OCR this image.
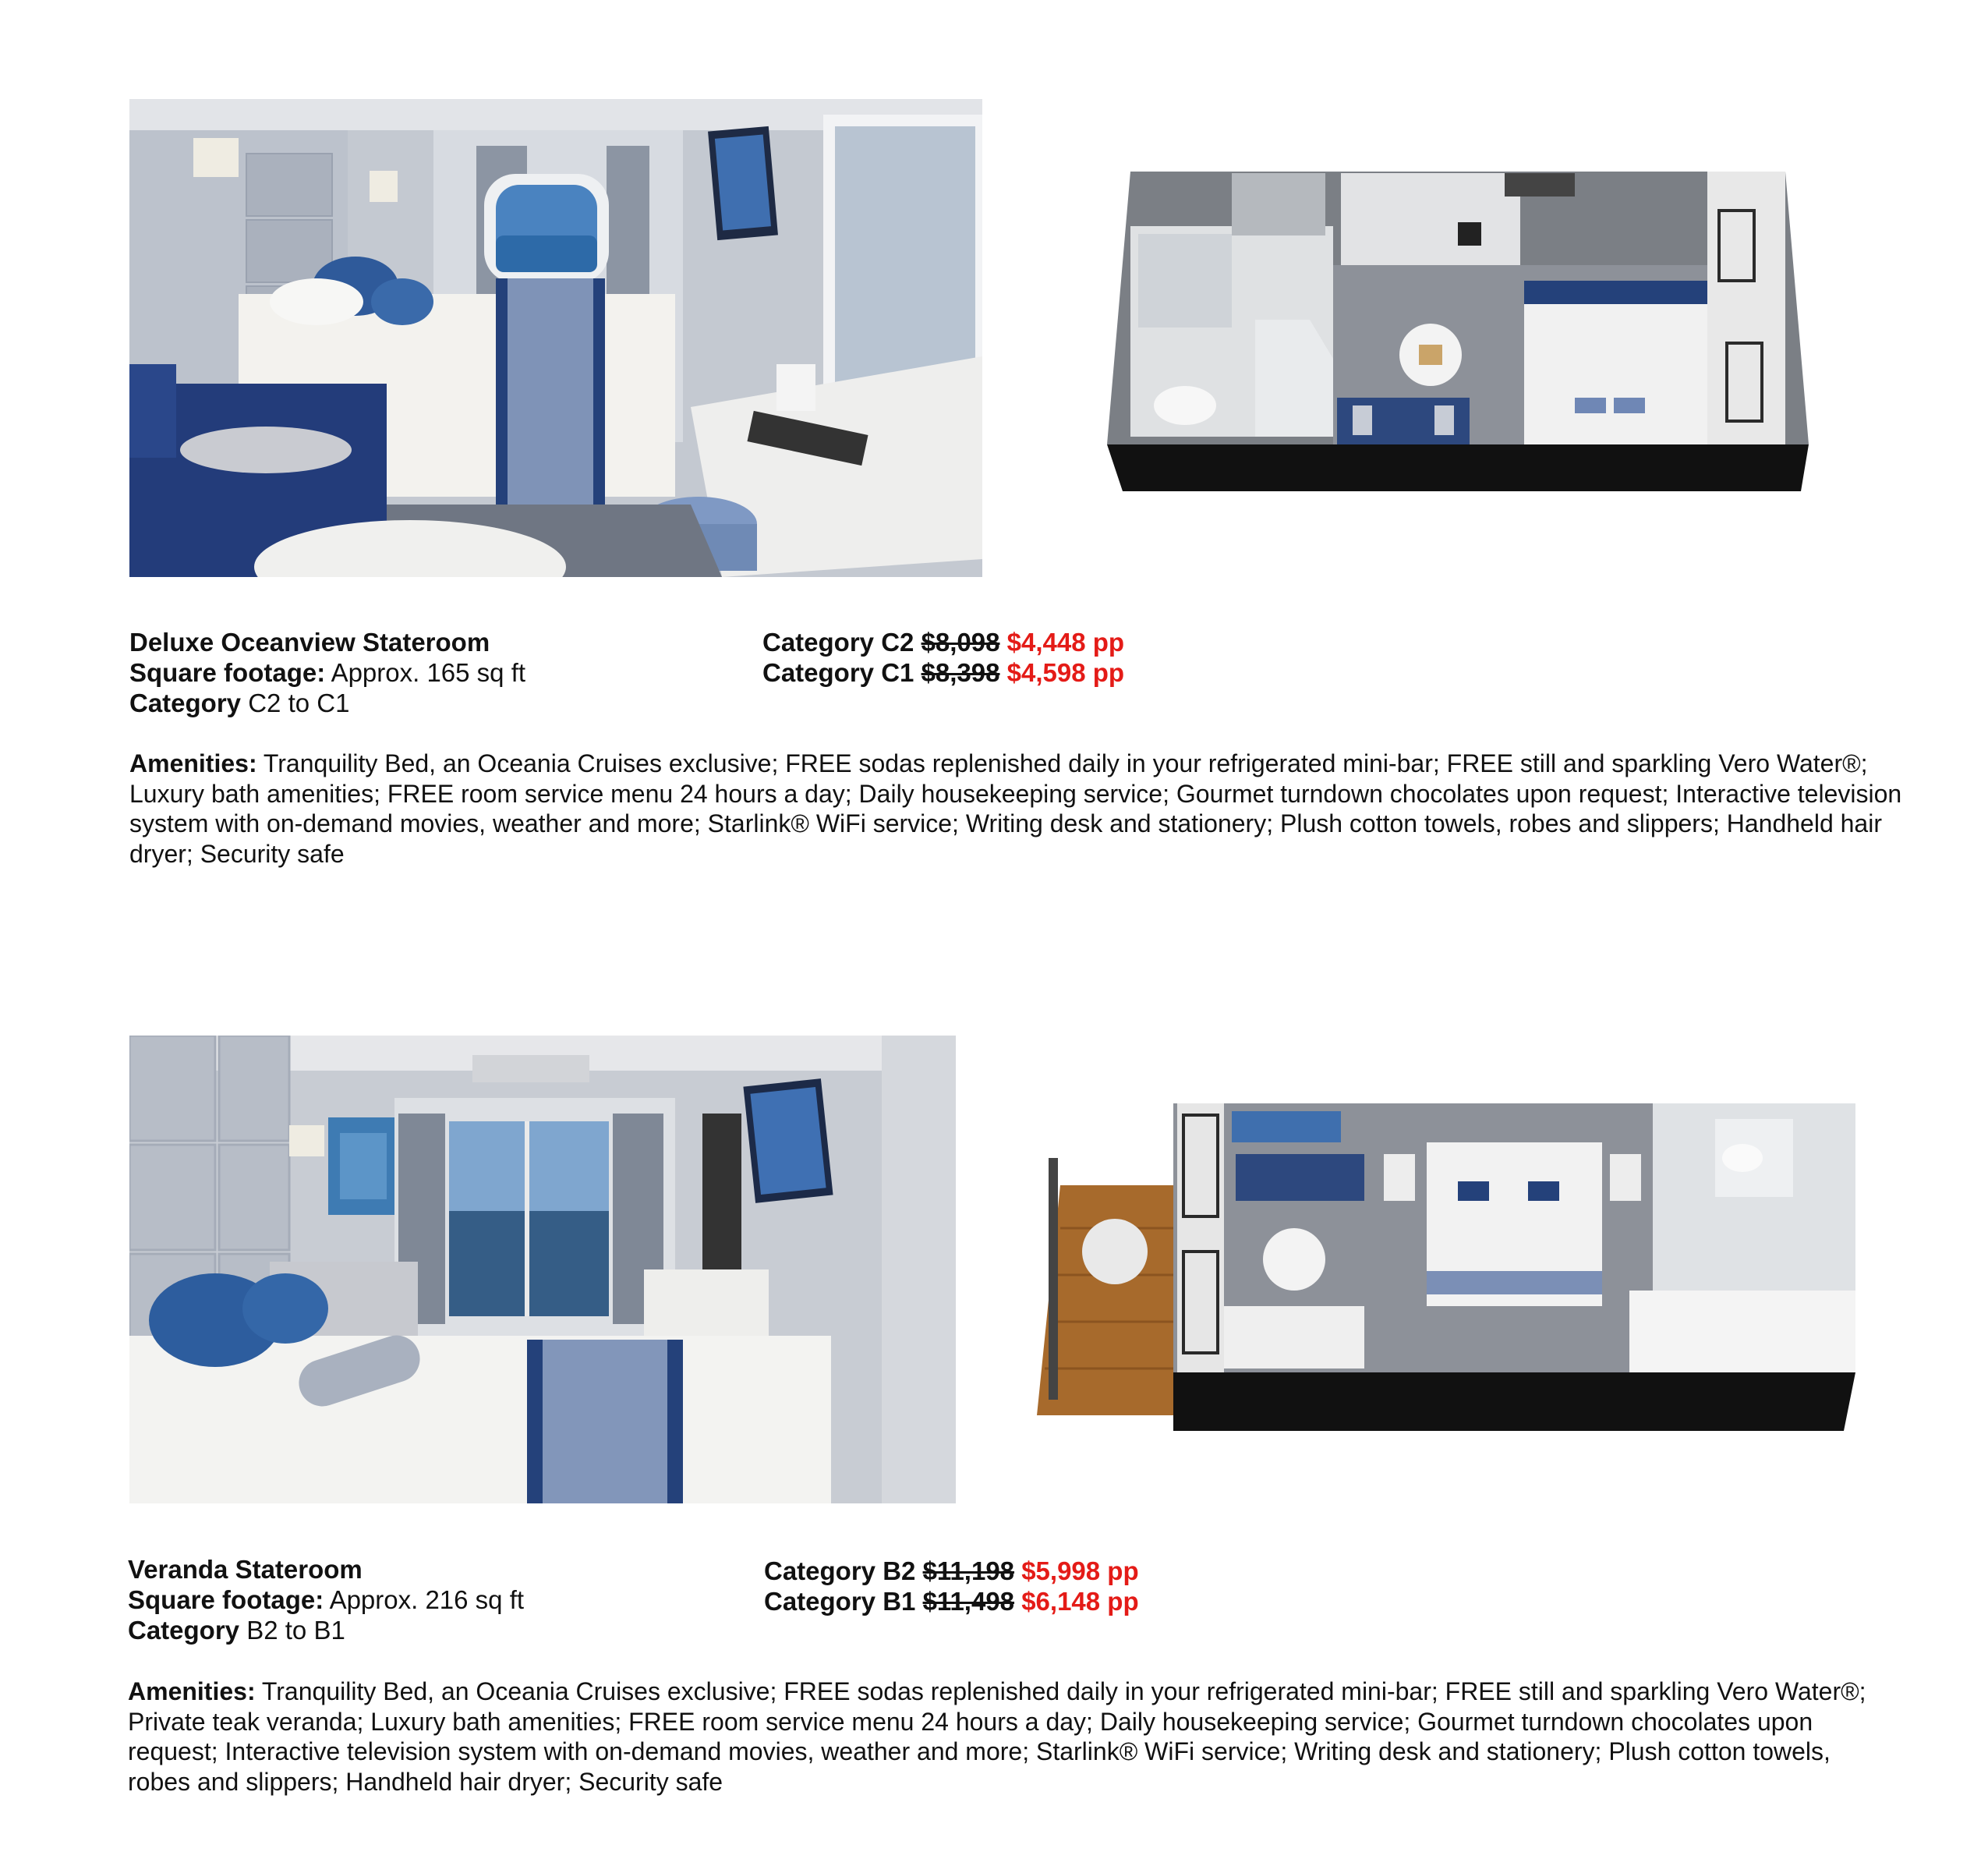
Deluxe Oceanview Stateroom
Square footage: Approx. 165 sq ft
Category C2 to C1
Category C2 $8,098 $4,448 pp
Category C1 $8,398 $4,598 pp
Amenities: Tranquility Bed, an Oceania Cruises exclusive; FREE sodas replenished daily in your refrigerated mini-bar; FREE still and sparkling Vero Water®; Luxury bath amenities; FREE room service menu 24 hours a day; Daily housekeeping service; Gourmet turndown chocolates upon request; Interactive television system with on-demand movies, weather and more; Starlink® WiFi service; Writing desk and stationery; Plush cotton towels, robes and slippers; Handheld hair dryer; Security safe
Veranda Stateroom
Square footage: Approx. 216 sq ft
Category B2 to B1
Category B2 $11,198 $5,998 pp
Category B1 $11,498 $6,148 pp
Amenities: Tranquility Bed, an Oceania Cruises exclusive; FREE sodas replenished daily in your refrigerated mini-bar; FREE still and sparkling Vero Water®; Private teak veranda; Luxury bath amenities; FREE room service menu 24 hours a day; Daily housekeeping service; Gourmet turndown chocolates upon request; Interactive television system with on-demand movies, weather and more; Starlink® WiFi service; Writing desk and stationery; Plush cotton towels, robes and slippers; Handheld hair dryer; Security safe
